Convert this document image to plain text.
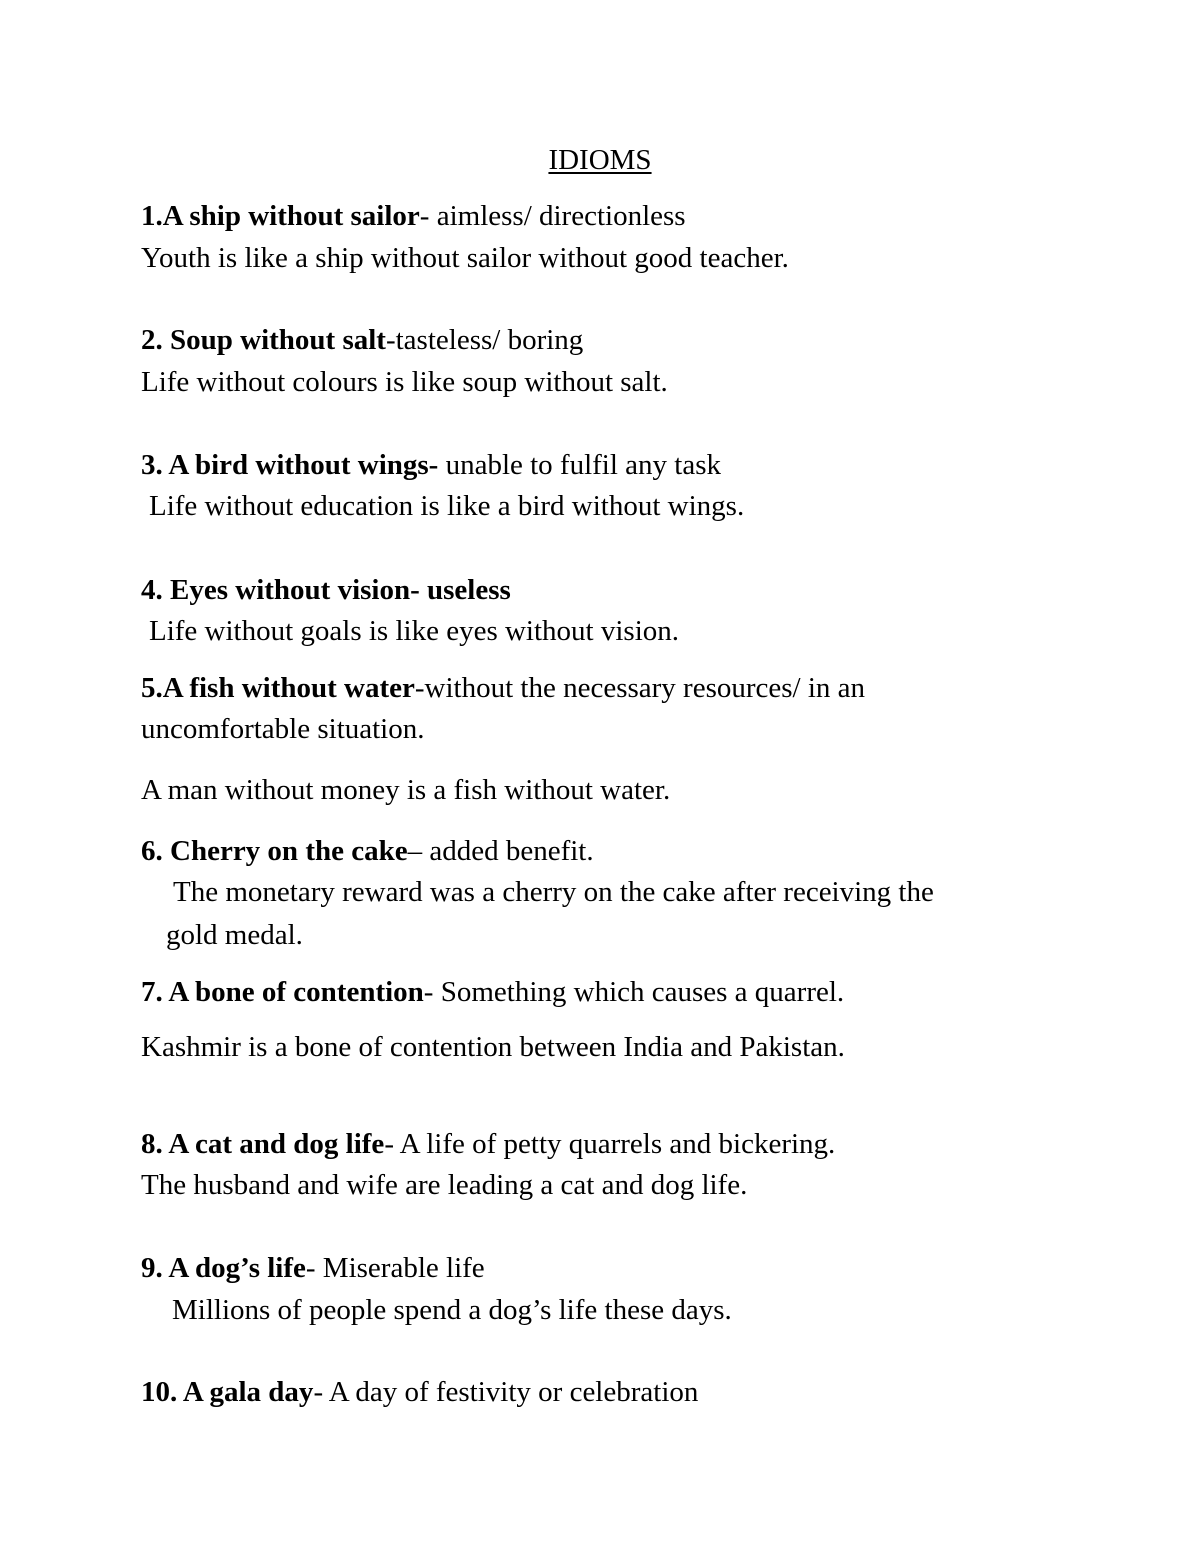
IDIOMS
1.A ship without sailor- aimless/ directionless
Youth is like a ship without sailor without good teacher.
2. Soup without salt-tasteless/ boring
Life without colours is like soup without salt.
3. A bird without wings- unable to fulfil any task
Life without education is like a bird without wings.
4. Eyes without vision- useless
Life without goals is like eyes without vision.
5.A fish without water-without the necessary resources/ in an
uncomfortable situation.
A man without money is a fish without water.
6. Cherry on the cake– added benefit.
The monetary reward was a cherry on the cake after receiving the
gold medal.
7. A bone of contention- Something which causes a quarrel.
Kashmir is a bone of contention between India and Pakistan.
8. A cat and dog life- A life of petty quarrels and bickering.
The husband and wife are leading a cat and dog life.
9. A dog’s life- Miserable life
Millions of people spend a dog’s life these days.
10. A gala day- A day of festivity or celebration
